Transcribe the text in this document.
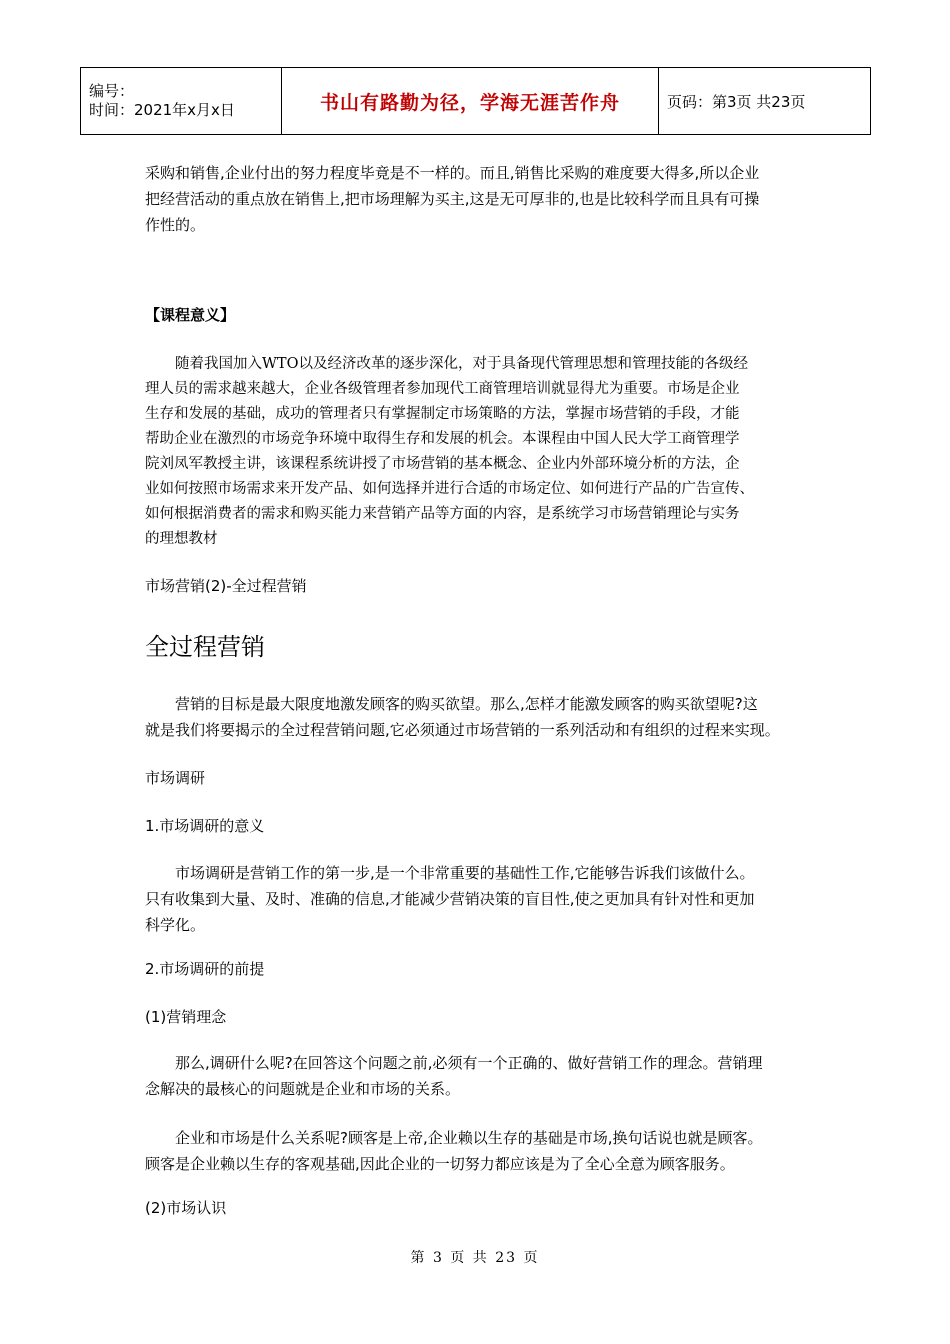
编号：
时间：2021年x月x日	书山有路勤为径，学海无涯苦作舟	页码：第3页 共23页
采购和销售,企业付出的努力程度毕竟是不一样的。而且,销售比采购的难度要大得多,所以企业
把经营活动的重点放在销售上,把市场理解为买主,这是无可厚非的,也是比较科学而且具有可操
作性的。
【课程意义】
随着我国加入WTO以及经济改革的逐步深化，对于具备现代管理思想和管理技能的各级经
理人员的需求越来越大，企业各级管理者参加现代工商管理培训就显得尤为重要。市场是企业
生存和发展的基础，成功的管理者只有掌握制定市场策略的方法，掌握市场营销的手段，才能
帮助企业在激烈的市场竞争环境中取得生存和发展的机会。本课程由中国人民大学工商管理学
院刘凤军教授主讲，该课程系统讲授了市场营销的基本概念、企业内外部环境分析的方法，企
业如何按照市场需求来开发产品、如何选择并进行合适的市场定位、如何进行产品的广告宣传、
如何根据消费者的需求和购买能力来营销产品等方面的内容，是系统学习市场营销理论与实务
的理想教材
市场营销(2)-全过程营销
全过程营销
营销的目标是最大限度地激发顾客的购买欲望。那么,怎样才能激发顾客的购买欲望呢?这
就是我们将要揭示的全过程营销问题,它必须通过市场营销的一系列活动和有组织的过程来实现。
市场调研
1.市场调研的意义
市场调研是营销工作的第一步,是一个非常重要的基础性工作,它能够告诉我们该做什么。
只有收集到大量、及时、准确的信息,才能减少营销决策的盲目性,使之更加具有针对性和更加
科学化。
2.市场调研的前提
(1)营销理念
那么,调研什么呢?在回答这个问题之前,必须有一个正确的、做好营销工作的理念。营销理
念解决的最核心的问题就是企业和市场的关系。
企业和市场是什么关系呢?顾客是上帝,企业赖以生存的基础是市场,换句话说也就是顾客。
顾客是企业赖以生存的客观基础,因此企业的一切努力都应该是为了全心全意为顾客服务。
(2)市场认识
第 3 页 共 23 页
